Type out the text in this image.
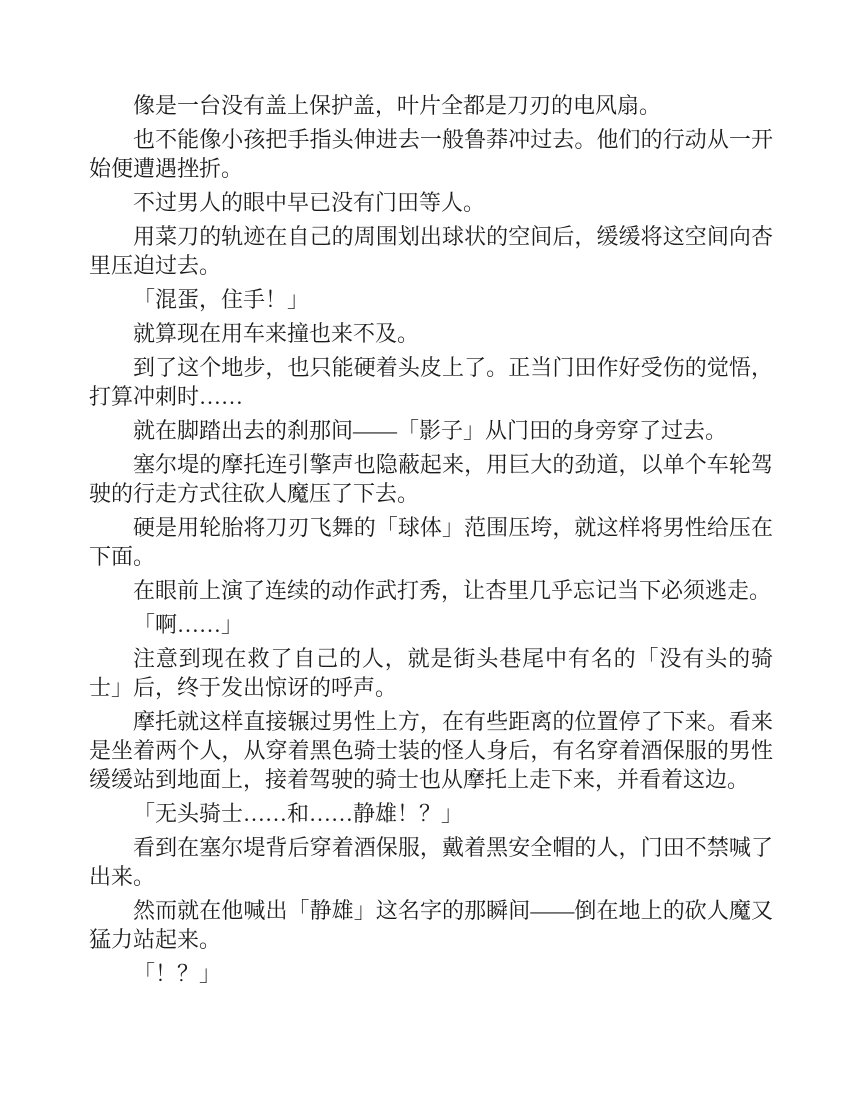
像是一台没有盖上保护盖，叶片全都是刀刃的电风扇。

也不能像小孩把手指头伸进去一般鲁莽冲过去。他们的行动从一开始便遭遇挫折。

不过男人的眼中早已没有门田等人。

用菜刀的轨迹在自己的周围划出球状的空间后，缓缓将这空间向杏里压迫过去。

「混蛋，住手！」

就算现在用车来撞也来不及。

到了这个地步，也只能硬着头皮上了。正当门田作好受伤的觉悟，打算冲刺时……

就在脚踏出去的刹那间——「影子」从门田的身旁穿了过去。

塞尔堤的摩托连引擎声也隐蔽起来，用巨大的劲道，以单个车轮驾驶的行走方式往砍人魔压了下去。

硬是用轮胎将刀刃飞舞的「球体」范围压垮，就这样将男性给压在下面。

在眼前上演了连续的动作武打秀，让杏里几乎忘记当下必须逃走。

「啊……」

注意到现在救了自己的人，就是街头巷尾中有名的「没有头的骑士」后，终于发出惊讶的呼声。

摩托就这样直接辗过男性上方，在有些距离的位置停了下来。看来是坐着两个人，从穿着黑色骑士装的怪人身后，有名穿着酒保服的男性缓缓站到地面上，接着驾驶的骑士也从摩托上走下来，并看着这边。

「无头骑士……和……静雄！？」

看到在塞尔堤背后穿着酒保服，戴着黑安全帽的人，门田不禁喊了出来。

然而就在他喊出「静雄」这名字的那瞬间——倒在地上的砍人魔又猛力站起来。

「！？」
